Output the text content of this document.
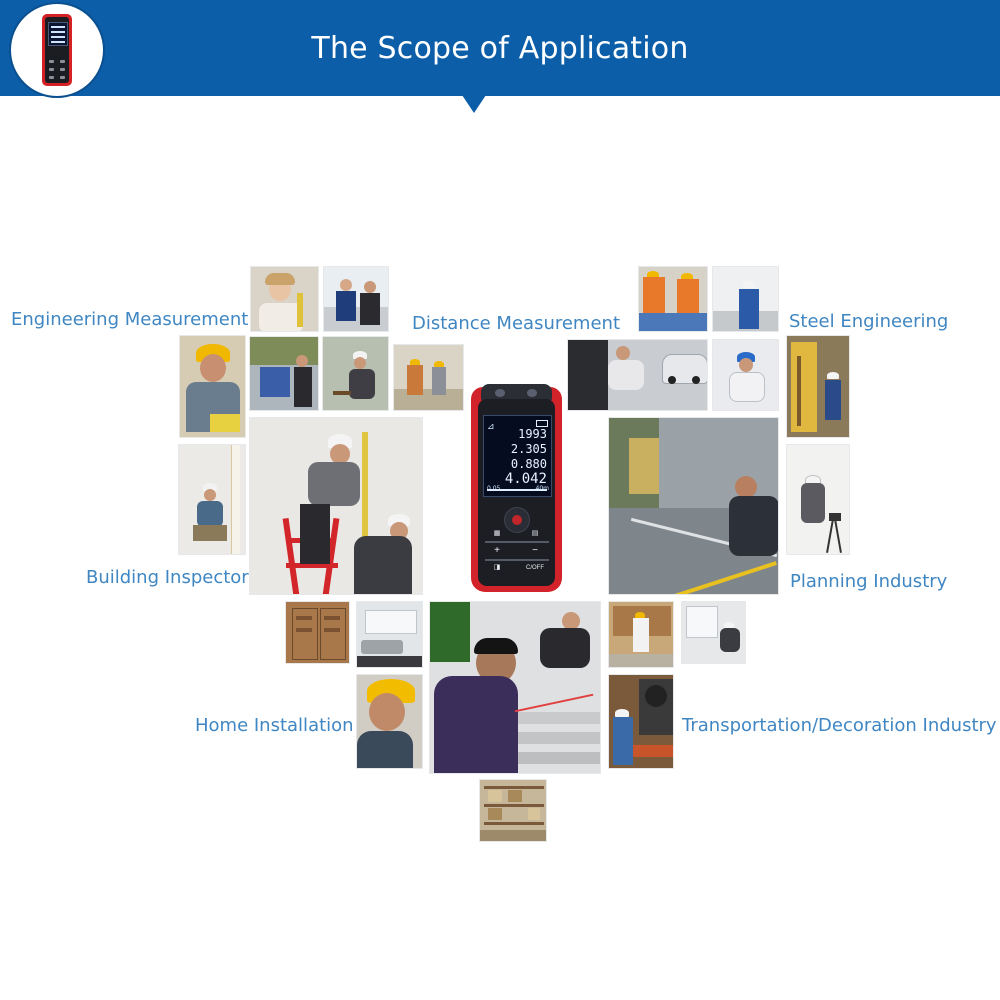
The Scope of Application
Engineering Measurement	Distance Measurement	Steel Engineering
Building Inspector	Planning Industry
Home Installation	Transportation/Decoration Industry
⊿ 1993
2.305
0.880
4.042
0.05	40m
▦	▤
+	−
◨	C/OFF
